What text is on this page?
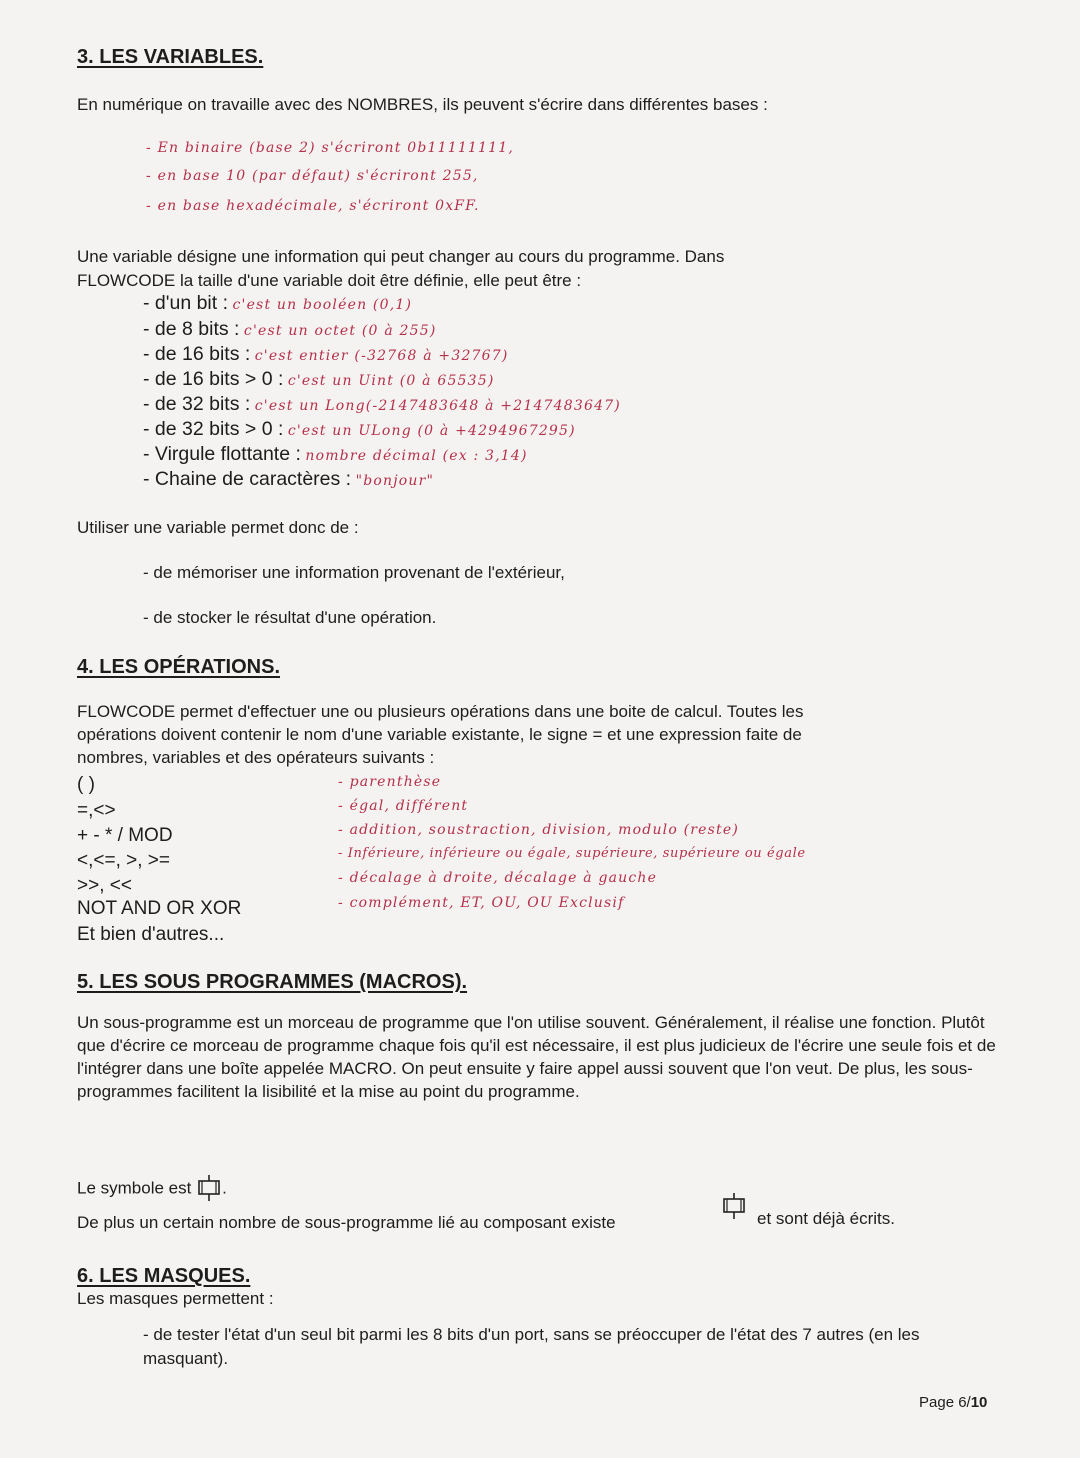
3. LES VARIABLES.
En numérique on travaille avec des NOMBRES, ils peuvent s'écrire dans différentes bases :
- En binaire (base 2) s'écriront 0b11111111,
- en base 10 (par défaut) s'écriront 255,
- en base hexadécimale, s'écriront 0xFF.
Une variable désigne une information qui peut changer au cours du programme. Dans
FLOWCODE la taille d'une variable doit être définie, elle peut être :
- d'un bit : c'est un booléen (0,1)
- de 8 bits : c'est un octet (0 à 255)
- de 16 bits : c'est entier (-32768 à +32767)
- de 16 bits > 0 : c'est un Uint (0 à 65535)
- de 32 bits : c'est un Long(-2147483648 à +2147483647)
- de 32 bits > 0 : c'est un ULong (0 à +4294967295)
- Virgule flottante : nombre décimal (ex : 3,14)
- Chaine de caractères : "bonjour"
Utiliser une variable permet donc de :
- de mémoriser une information provenant de l'extérieur,
- de stocker le résultat d'une opération.
4. LES OPÉRATIONS.
FLOWCODE permet d'effectuer une ou plusieurs opérations dans une boite de calcul. Toutes les
opérations doivent contenir le nom d'une variable existante, le signe = et une expression faite de
nombres, variables et des opérateurs suivants :
( )	- parenthèse
=,<>	- égal, différent
+ - * / MOD	- addition, soustraction, division, modulo (reste)
<,<=, >, >=	- Inférieure, inférieure ou égale, supérieure, supérieure ou égale
>>, <<	- décalage à droite, décalage à gauche
NOT AND OR XOR	- complément, ET, OU, OU Exclusif
Et bien d'autres...
5. LES SOUS PROGRAMMES (MACROS).
Un sous-programme est un morceau de programme que l'on utilise souvent. Généralement, il réalise une fonction. Plutôt que d'écrire ce morceau de programme chaque fois qu'il est nécessaire, il est plus judicieux de l'écrire une seule fois et de l'intégrer dans une boîte appelée MACRO. On peut ensuite y faire appel aussi souvent que l'on veut. De plus, les sous-programmes facilitent la lisibilité et la mise au point du programme.
Le symbole est .
De plus un certain nombre de sous-programme lié au composant existe	et sont déjà écrits.
6. LES MASQUES.
Les masques permettent :
- de tester l'état d'un seul bit parmi les 8 bits d'un port, sans se préoccuper de l'état des 7 autres (en les masquant).
Page 6/10
